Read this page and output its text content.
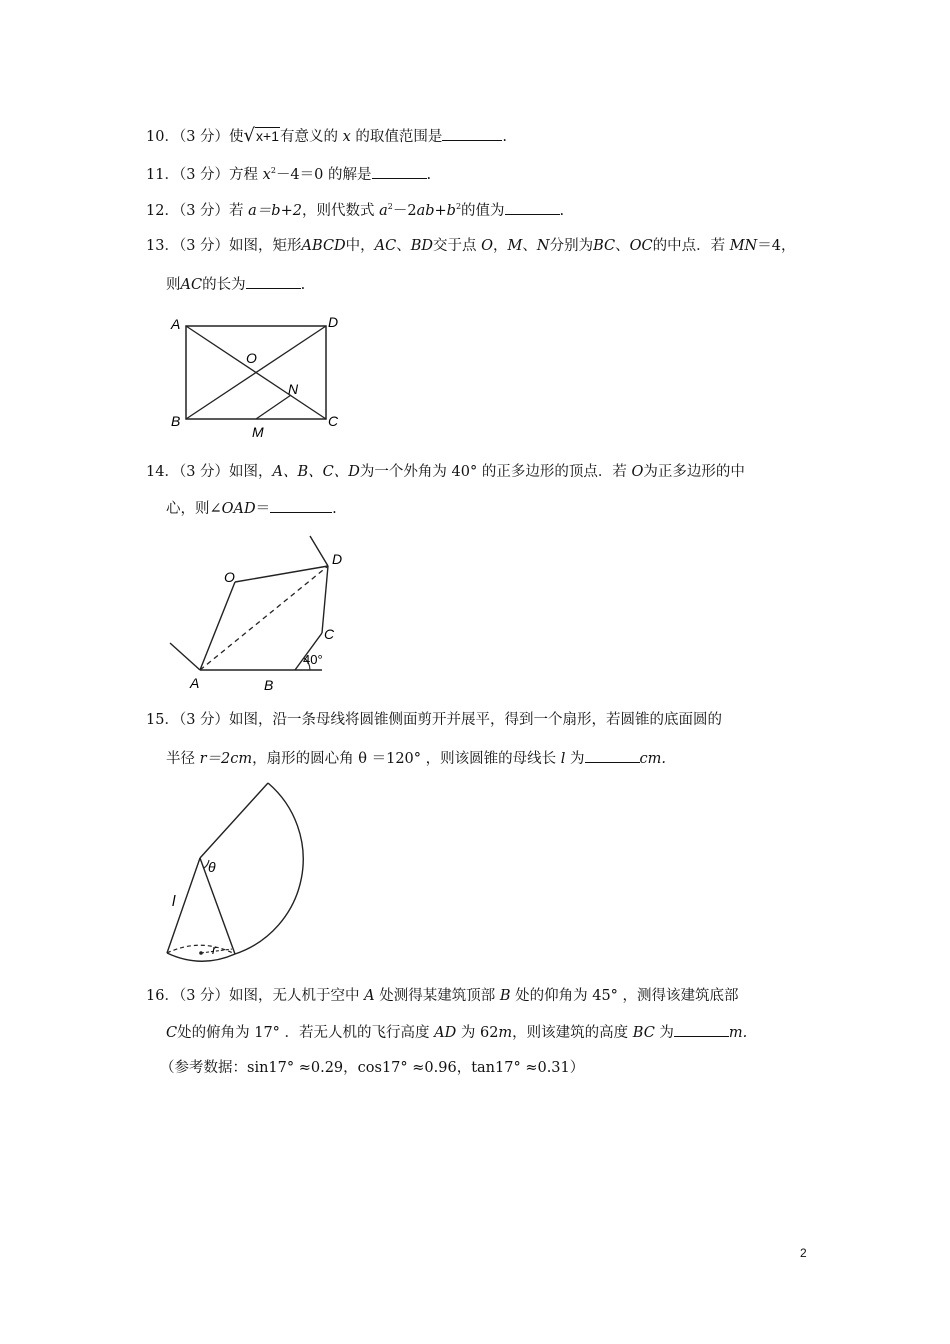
10．（3 分）使√x+1有意义的 x 的取值范围是	.
11．（3 分）方程 $x^2-4=0$ 的解是	.
12．（3 分）若 a＝b+2，则代数式 $a^2-2ab+b^2$的值为	.
13．（3 分）如图，矩形ABCD中，AC、BD交于点 O，M、N分别为BC、OC的中点．若 MN＝4，
则AC的长为	.
A	D
B	C
O
N
M
14．（3 分）如图，A、B、C、D为一个外角为 40° 的正多边形的顶点．若 O为正多边形的中
心，则∠OAD＝	.
40°
A	B
C
D
O
15．（3 分）如图，沿一条母线将圆锥侧面剪开并展平，得到一个扇形，若圆锥的底面圆的
半径 r＝2cm，扇形的圆心角 θ ＝120° ，则该圆锥的母线长 l 为	cm.
θ
l
r
16．（3 分）如图，无人机于空中 A 处测得某建筑顶部 B 处的仰角为 45° ，测得该建筑底部
C处的俯角为 17° ．若无人机的飞行高度 AD 为 62m，则该建筑的高度 BC 为	m.
（参考数据：sin17° ≈0.29，cos17° ≈0.96，tan17° ≈0.31）
2
